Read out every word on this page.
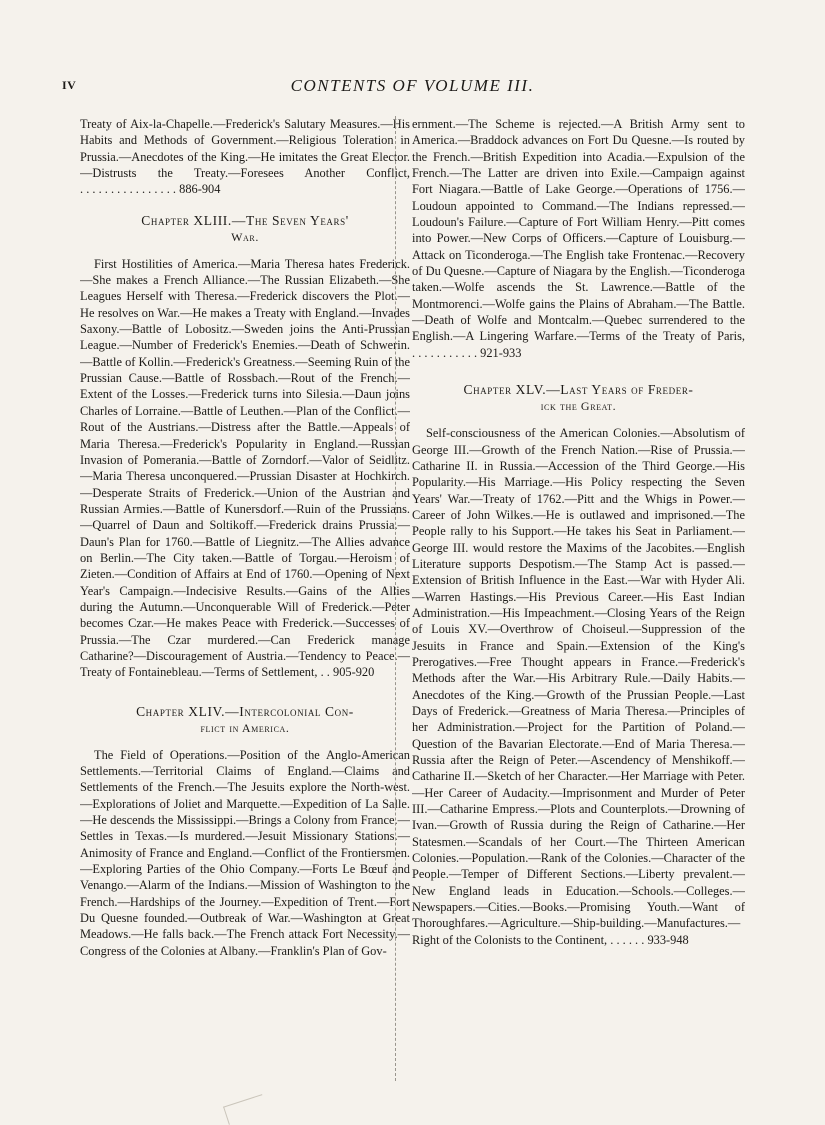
IV	CONTENTS OF VOLUME III.

Treaty of Aix-la-Chapelle.—Frederick's Salutary Measures.—His Habits and Methods of Government.—Religious Toleration in Prussia.—Anecdotes of the King.—He imitates the Great Elector.—Distrusts the Treaty.—Foresees Another Conflict, . . . . . . . . . . . . . . . . 886-904

Chapter XLIII.—The Seven Years'
War.

First Hostilities of America.—Maria Theresa hates Frederick.—She makes a French Alliance.—The Russian Elizabeth.—She Leagues Herself with Theresa.—Frederick discovers the Plot.—He resolves on War.—He makes a Treaty with England.—Invades Saxony.—Battle of Lobositz.—Sweden joins the Anti-Prussian League.—Number of Frederick's Enemies.—Death of Schwerin.—Battle of Kollin.—Frederick's Greatness.—Seeming Ruin of the Prussian Cause.—Battle of Rossbach.—Rout of the French.—Extent of the Losses.—Frederick turns into Silesia.—Daun joins Charles of Lorraine.—Battle of Leuthen.—Plan of the Conflict.—Rout of the Austrians.—Distress after the Battle.—Appeals of Maria Theresa.—Frederick's Popularity in England.—Russian Invasion of Pomerania.—Battle of Zorndorf.—Valor of Seidlitz.—Maria Theresa unconquered.—Prussian Disaster at Hochkirch.—Desperate Straits of Frederick.—Union of the Austrian and Russian Armies.—Battle of Kunersdorf.—Ruin of the Prussians.—Quarrel of Daun and Soltikoff.—Frederick drains Prussia.—Daun's Plan for 1760.—Battle of Liegnitz.—The Allies advance on Berlin.—The City taken.—Battle of Torgau.—Heroism of Zieten.—Condition of Affairs at End of 1760.—Opening of Next Year's Campaign.—Indecisive Results.—Gains of the Allies during the Autumn.—Unconquerable Will of Frederick.—Peter becomes Czar.—He makes Peace with Frederick.—Successes of Prussia.—The Czar murdered.—Can Frederick manage Catharine?—Discouragement of Austria.—Tendency to Peace.—Treaty of Fontainebleau.—Terms of Settlement, . . 905-920

Chapter XLIV.—Intercolonial Con-
flict in America.

The Field of Operations.—Position of the Anglo-American Settlements.—Territorial Claims of England.—Claims and Settlements of the French.—The Jesuits explore the North-west.—Explorations of Joliet and Marquette.—Expedition of La Salle.—He descends the Mississippi.—Brings a Colony from France.—Settles in Texas.—Is murdered.—Jesuit Missionary Stations.—Animosity of France and England.—Conflict of the Frontiersmen.—Exploring Parties of the Ohio Company.—Forts Le Bœuf and Venango.—Alarm of the Indians.—Mission of Washington to the French.—Hardships of the Journey.—Expedition of Trent.—Fort Du Quesne founded.—Outbreak of War.—Washington at Great Meadows.—He falls back.—The French attack Fort Necessity.—Congress of the Colonies at Albany.—Franklin's Plan of Gov-

ernment.—The Scheme is rejected.—A British Army sent to America.—Braddock advances on Fort Du Quesne.—Is routed by the French.—British Expedition into Acadia.—Expulsion of the French.—The Latter are driven into Exile.—Campaign against Fort Niagara.—Battle of Lake George.—Operations of 1756.—Loudoun appointed to Command.—The Indians repressed.—Loudoun's Failure.—Capture of Fort William Henry.—Pitt comes into Power.—New Corps of Officers.—Capture of Louisburg.—Attack on Ticonderoga.—The English take Frontenac.—Recovery of Du Quesne.—Capture of Niagara by the English.—Ticonderoga taken.—Wolfe ascends the St. Lawrence.—Battle of the Montmorenci.—Wolfe gains the Plains of Abraham.—The Battle.—Death of Wolfe and Montcalm.—Quebec surrendered to the English.—A Lingering Warfare.—Terms of the Treaty of Paris, . . . . . . . . . . . 921-933

Chapter XLV.—Last Years of Freder-
ick the Great.

Self-consciousness of the American Colonies.—Absolutism of George III.—Growth of the French Nation.—Rise of Prussia.—Catharine II. in Russia.—Accession of the Third George.—His Popularity.—His Marriage.—His Policy respecting the Seven Years' War.—Treaty of 1762.—Pitt and the Whigs in Power.—Career of John Wilkes.—He is outlawed and imprisoned.—The People rally to his Support.—He takes his Seat in Parliament.—George III. would restore the Maxims of the Jacobites.—English Literature supports Despotism.—The Stamp Act is passed.—Extension of British Influence in the East.—War with Hyder Ali.—Warren Hastings.—His Previous Career.—His East Indian Administration.—His Impeachment.—Closing Years of the Reign of Louis XV.—Overthrow of Choiseul.—Suppression of the Jesuits in France and Spain.—Extension of the King's Prerogatives.—Free Thought appears in France.—Frederick's Methods after the War.—His Arbitrary Rule.—Daily Habits.—Anecdotes of the King.—Growth of the Prussian People.—Last Days of Frederick.—Greatness of Maria Theresa.—Principles of her Administration.—Project for the Partition of Poland.—Question of the Bavarian Electorate.—End of Maria Theresa.—Russia after the Reign of Peter.—Ascendency of Menshikoff.—Catharine II.—Sketch of her Character.—Her Marriage with Peter.—Her Career of Audacity.—Imprisonment and Murder of Peter III.—Catharine Empress.—Plots and Counterplots.—Drowning of Ivan.—Growth of Russia during the Reign of Catharine.—Her Statesmen.—Scandals of her Court.—The Thirteen American Colonies.—Population.—Rank of the Colonies.—Character of the People.—Temper of Different Sections.—Liberty prevalent.—New England leads in Education.—Schools.—Colleges.—Newspapers.—Cities.—Books.—Promising Youth.—Want of Thoroughfares.—Agriculture.—Ship-building.—Manufactures.—Right of the Colonists to the Continent, . . . . . . 933-948
